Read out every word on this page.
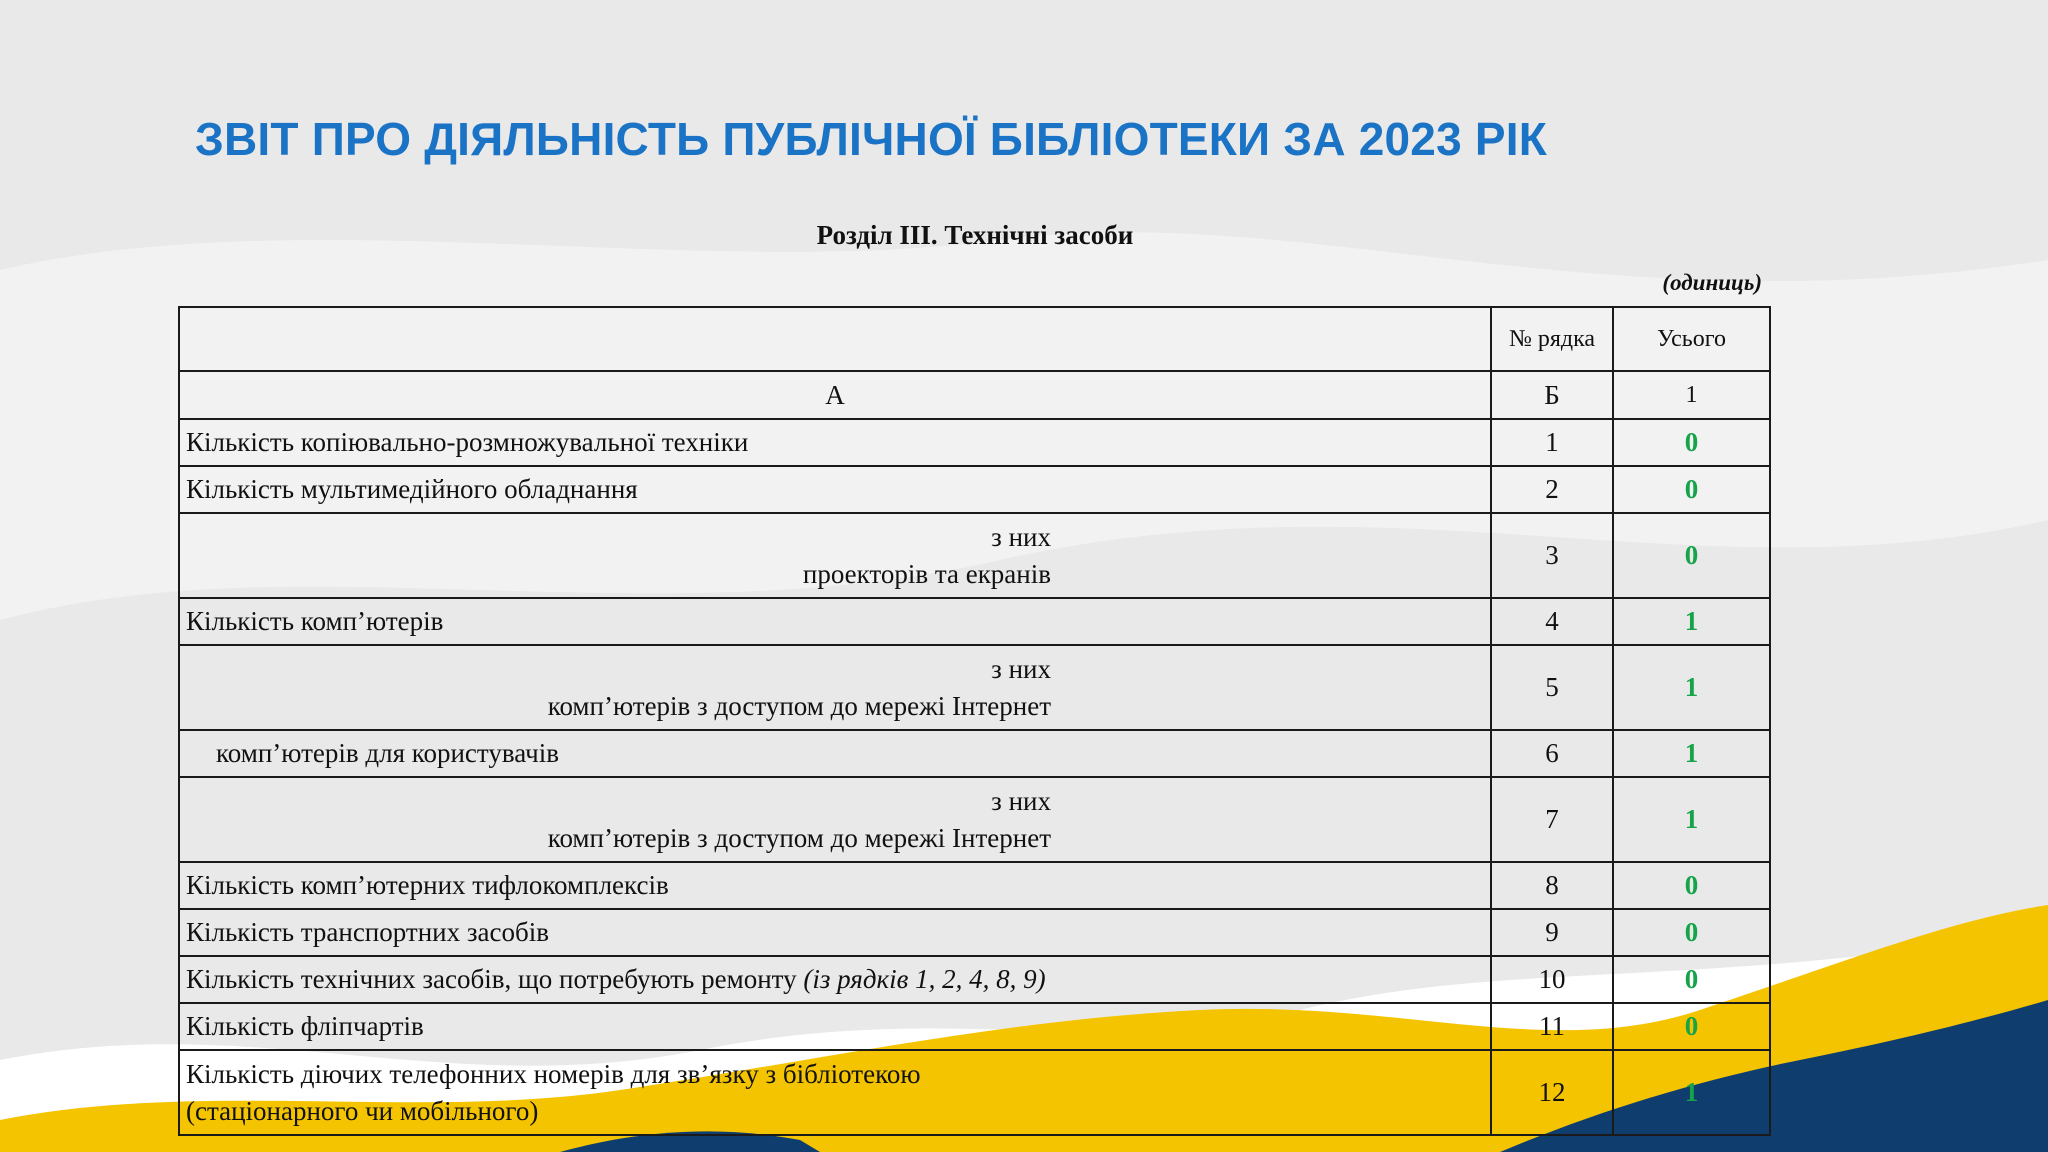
ЗВІТ ПРО ДІЯЛЬНІСТЬ ПУБЛІЧНОЇ БІБЛІОТЕКИ ЗА 2023 РІК
Розділ ІІІ. Технічні засоби
(одиниць)
	№ рядка	Усього
А	Б	1
Кількість копіювально-розмножувальної техніки	1	0
Кількість мультимедійного обладнання	2	0

з них
проекторів та екранів	3	0
Кількість комп’ютерів	4	1

з них
комп’ютерів з доступом до мережі Інтернет	5	1
комп’ютерів для користувачів	6	1

з них
комп’ютерів з доступом до мережі Інтернет	7	1
Кількість комп’ютерних тифлокомплексів	8	0
Кількість транспортних засобів	9	0
Кількість технічних засобів, що потребують ремонту (із рядків 1, 2, 4, 8, 9)	10	0
Кількість фліпчартів	11	0

Кількість діючих телефонних номерів для зв’язку з бібліотекою
(стаціонарного чи мобільного)	12	1
